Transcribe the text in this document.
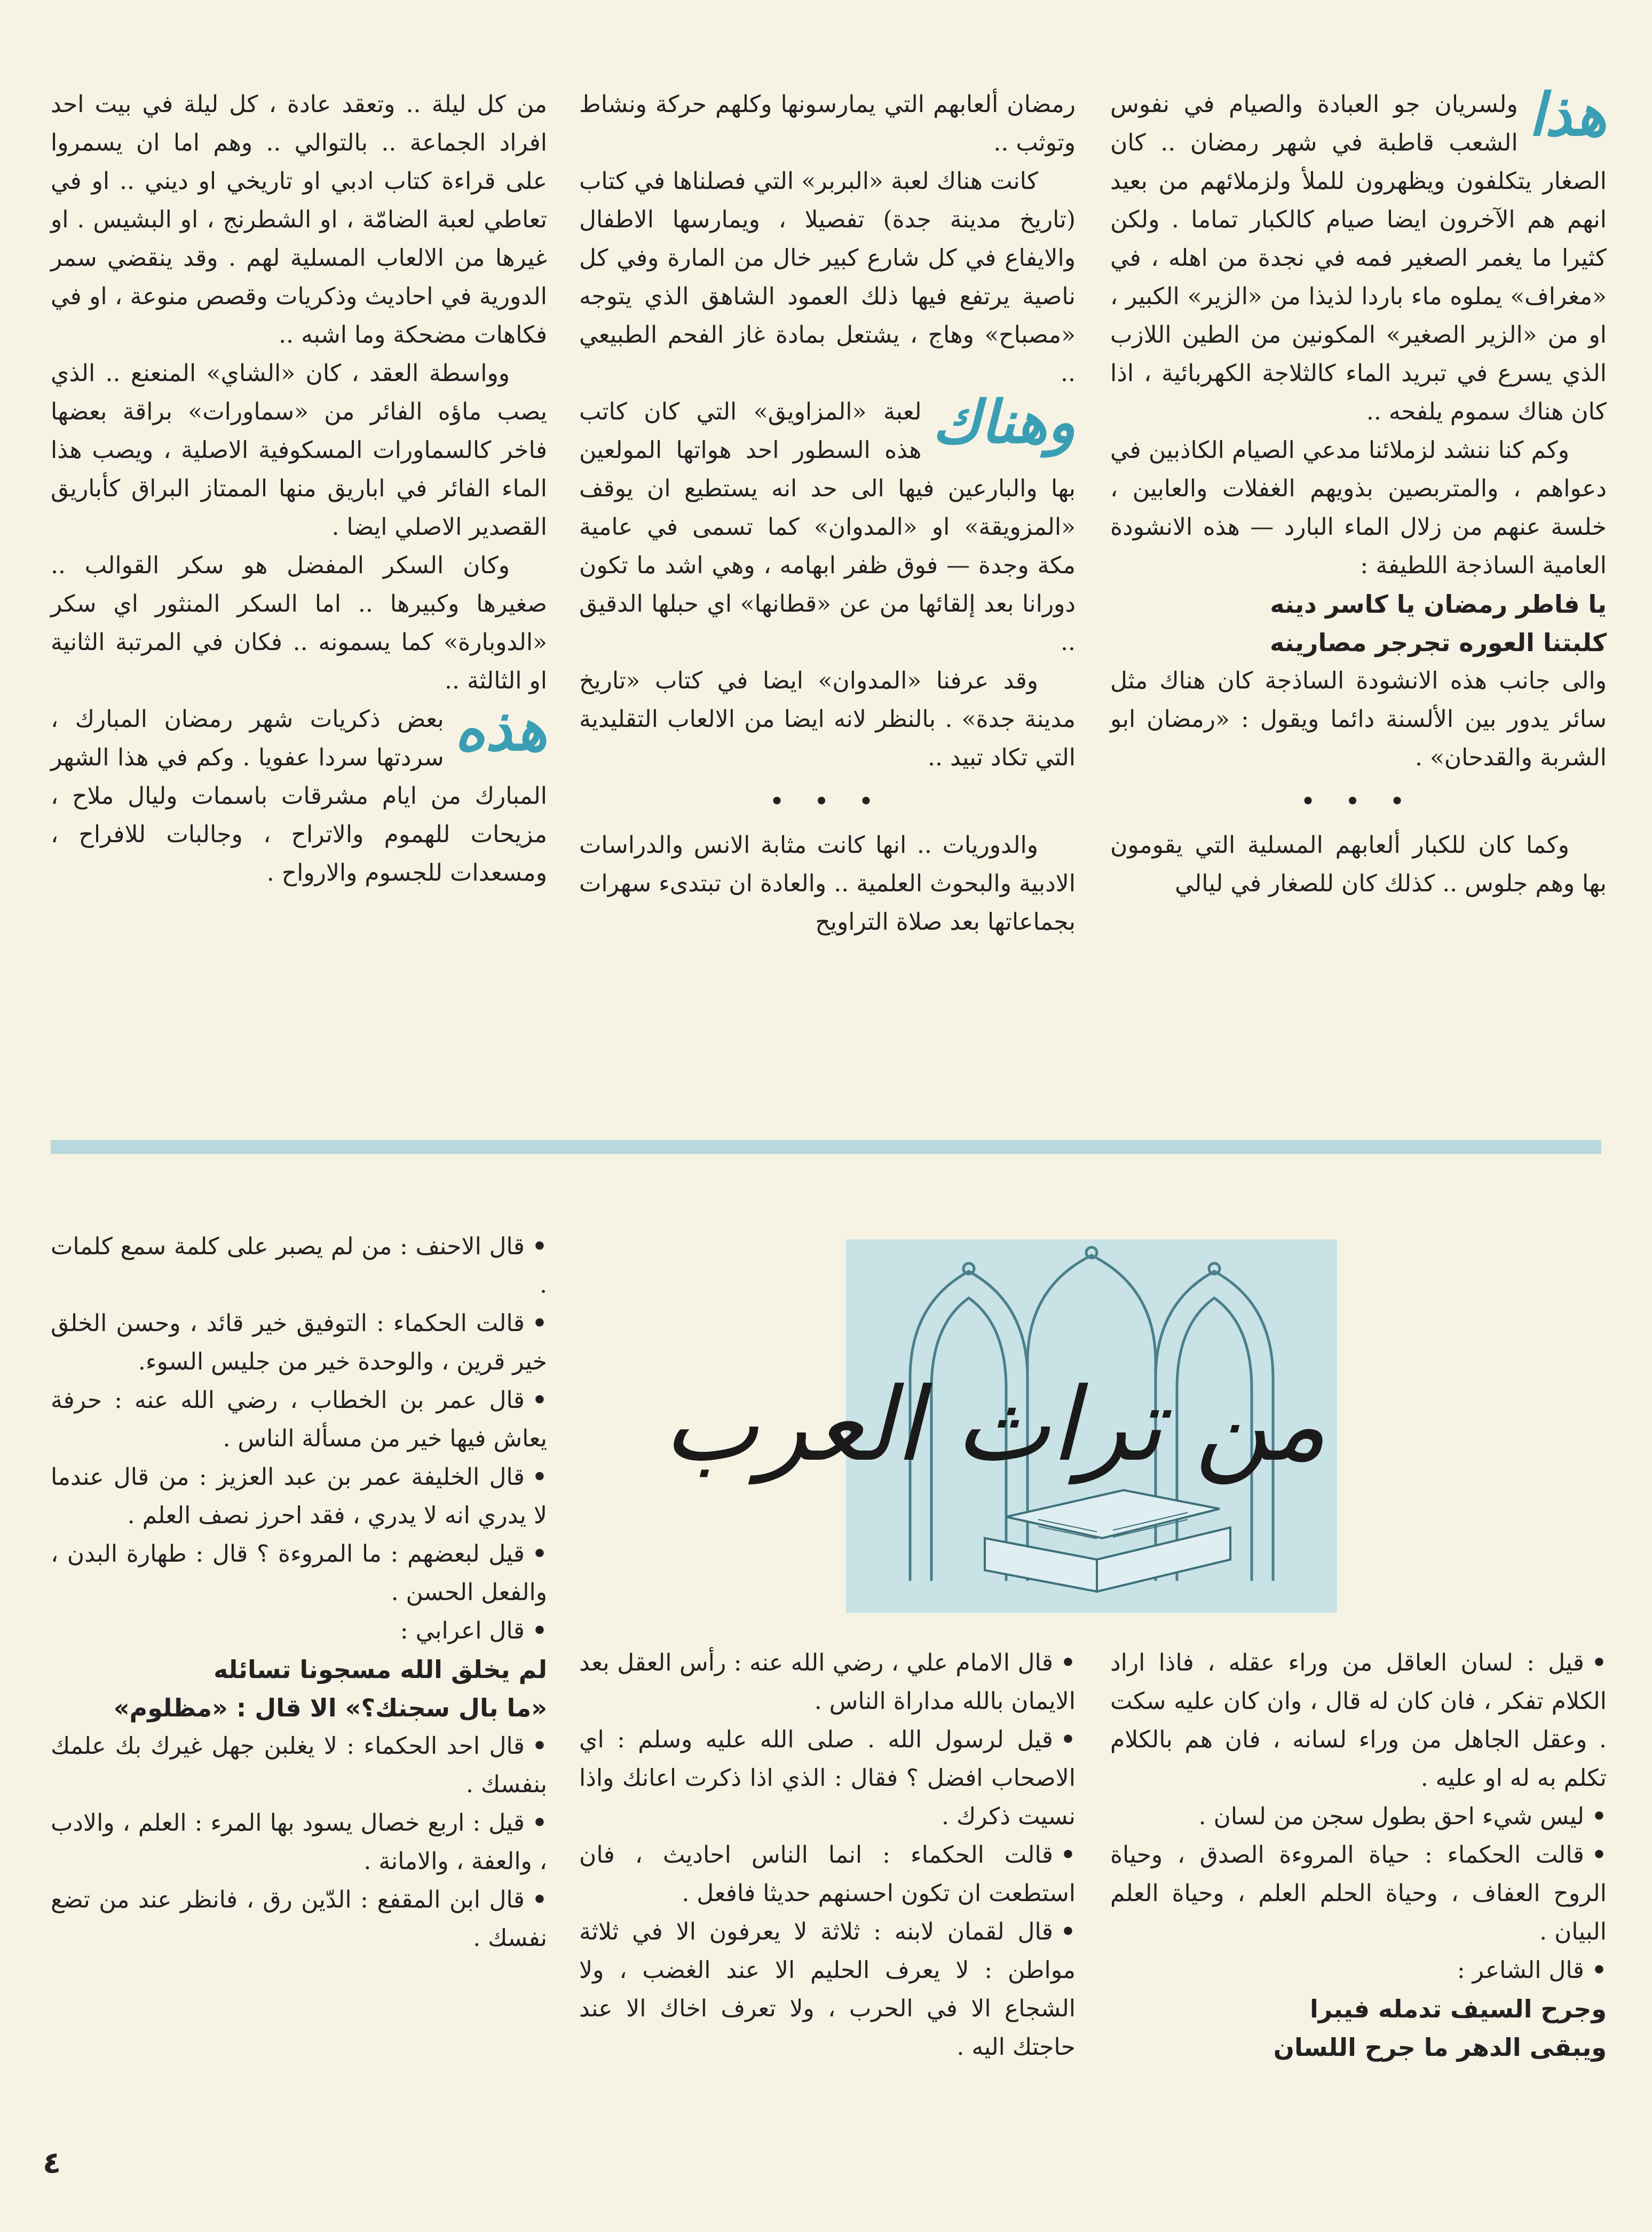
هذا

ولسريان جو العبادة والصيام في نفوس الشعب قاطبة في شهر رمضان .. كان الصغار يتكلفون ويظهرون للملأ ولزملائهم من بعيد انهم هم الآخرون ايضا صيام كالكبار تماما . ولكن كثيرا ما يغمر الصغير فمه في نجدة من اهله ، في «مغراف» يملوه ماء باردا لذيذا من «الزير» الكبير ، او من «الزير الصغير» المكونين من الطين اللازب الذي يسرع في تبريد الماء كالثلاجة الكهربائية ، اذا كان هناك سموم يلفحه ..

وكم كنا ننشد لزملائنا مدعي الصيام الكاذبين في دعواهم ، والمتربصين بذويهم الغفلات والعابين ، خلسة عنهم من زلال الماء البارد — هذه الانشودة العامية الساذجة اللطيفة :

يا فاطر رمضان يا كاسر دينه

كلبتنا العوره تجرجر مصارينه

والى جانب هذه الانشودة الساذجة كان هناك مثل سائر يدور بين الألسنة دائما ويقول : «رمضان ابو الشربة والقدحان» .

• • •

وكما كان للكبار ألعابهم المسلية التي يقومون بها وهم جلوس .. كذلك كان للصغار في ليالي

رمضان ألعابهم التي يمارسونها وكلهم حركة ونشاط وتوثب ..

كانت هناك لعبة «البربر» التي فصلناها في كتاب (تاريخ مدينة جدة) تفصيلا ، ويمارسها الاطفال والايفاع في كل شارع كبير خال من المارة وفي كل ناصية يرتفع فيها ذلك العمود الشاهق الذي يتوجه «مصباح» وهاج ، يشتعل بمادة غاز الفحم الطبيعي ..

وهناك

لعبة «المزاويق» التي كان كاتب هذه السطور احد هواتها المولعين بها والبارعين فيها الى حد انه يستطيع ان يوقف «المزويقة» او «المدوان» كما تسمى في عامية مكة وجدة — فوق ظفر ابهامه ، وهي اشد ما تكون دورانا بعد إلقائها من عن «قطانها» اي حبلها الدقيق ..

وقد عرفنا «المدوان» ايضا في كتاب «تاريخ مدينة جدة» . بالنظر لانه ايضا من الالعاب التقليدية التي تكاد تبيد ..

• • •

والدوريات .. انها كانت مثابة الانس والدراسات الادبية والبحوث العلمية .. والعادة ان تبتدىء سهرات بجماعاتها بعد صلاة التراويح

من كل ليلة .. وتعقد عادة ، كل ليلة في بيت احد افراد الجماعة .. بالتوالي .. وهم اما ان يسمروا على قراءة كتاب ادبي او تاريخي او ديني .. او في تعاطي لعبة الضامّة ، او الشطرنج ، او البشيس . او غيرها من الالعاب المسلية لهم . وقد ينقضي سمر الدورية في احاديث وذكريات وقصص منوعة ، او في فكاهات مضحكة وما اشبه ..

وواسطة العقد ، كان «الشاي» المنعنع .. الذي يصب ماؤه الفائر من «سماورات» براقة بعضها فاخر كالسماورات المسكوفية الاصلية ، ويصب هذا الماء الفائر في اباريق منها الممتاز البراق كأباريق القصدير الاصلي ايضا .

وكان السكر المفضل هو سكر القوالب .. صغيرها وكبيرها .. اما السكر المنثور اي سكر «الدوبارة» كما يسمونه .. فكان في المرتبة الثانية او الثالثة ..

هذه

بعض ذكريات شهر رمضان المبارك ، سردتها سردا عفويا . وكم في هذا الشهر المبارك من ايام مشرقات باسمات وليال ملاح ، مزيحات للهموم والاتراح ، وجالبات للافراح ، ومسعدات للجسوم والارواح .

من تراث العرب

•قيل : لسان العاقل من وراء عقله ، فاذا اراد الكلام تفكر ، فان كان له قال ، وان كان عليه سكت . وعقل الجاهل من وراء لسانه ، فان هم بالكلام تكلم به له او عليه .

•ليس شيء احق بطول سجن من لسان .

•قالت الحكماء : حياة المروءة الصدق ، وحياة الروح العفاف ، وحياة الحلم العلم ، وحياة العلم البيان .

•قال الشاعر :

وجرح السيف تدمله فيبرا

ويبقى الدهر ما جرح اللسان

•قال الامام علي ، رضي الله عنه : رأس العقل بعد الايمان بالله مداراة الناس .

•قيل لرسول الله . صلى الله عليه وسلم : اي الاصحاب افضل ؟ فقال : الذي اذا ذكرت اعانك واذا نسيت ذكرك .

•قالت الحكماء : انما الناس احاديث ، فان استطعت ان تكون احسنهم حديثا فافعل .

•قال لقمان لابنه : ثلاثة لا يعرفون الا في ثلاثة مواطن : لا يعرف الحليم الا عند الغضب ، ولا الشجاع الا في الحرب ، ولا تعرف اخاك الا عند حاجتك اليه .

•قال الاحنف : من لم يصبر على كلمة سمع كلمات .

•قالت الحكماء : التوفيق خير قائد ، وحسن الخلق خير قرين ، والوحدة خير من جليس السوء.

•قال عمر بن الخطاب ، رضي الله عنه : حرفة يعاش فيها خير من مسألة الناس .

•قال الخليفة عمر بن عبد العزيز : من قال عندما لا يدري انه لا يدري ، فقد احرز نصف العلم .

•قيل لبعضهم : ما المروءة ؟ قال : طهارة البدن ، والفعل الحسن .

•قال اعرابي :

لم يخلق الله مسجونا تسائله

«ما بال سجنك؟» الا قال : «مظلوم»

•قال احد الحكماء : لا يغلبن جهل غيرك بك علمك بنفسك .

•قيل : اربع خصال يسود بها المرء : العلم ، والادب ، والعفة ، والامانة .

•قال ابن المقفع : الدّين رق ، فانظر عند من تضع نفسك .

٤
